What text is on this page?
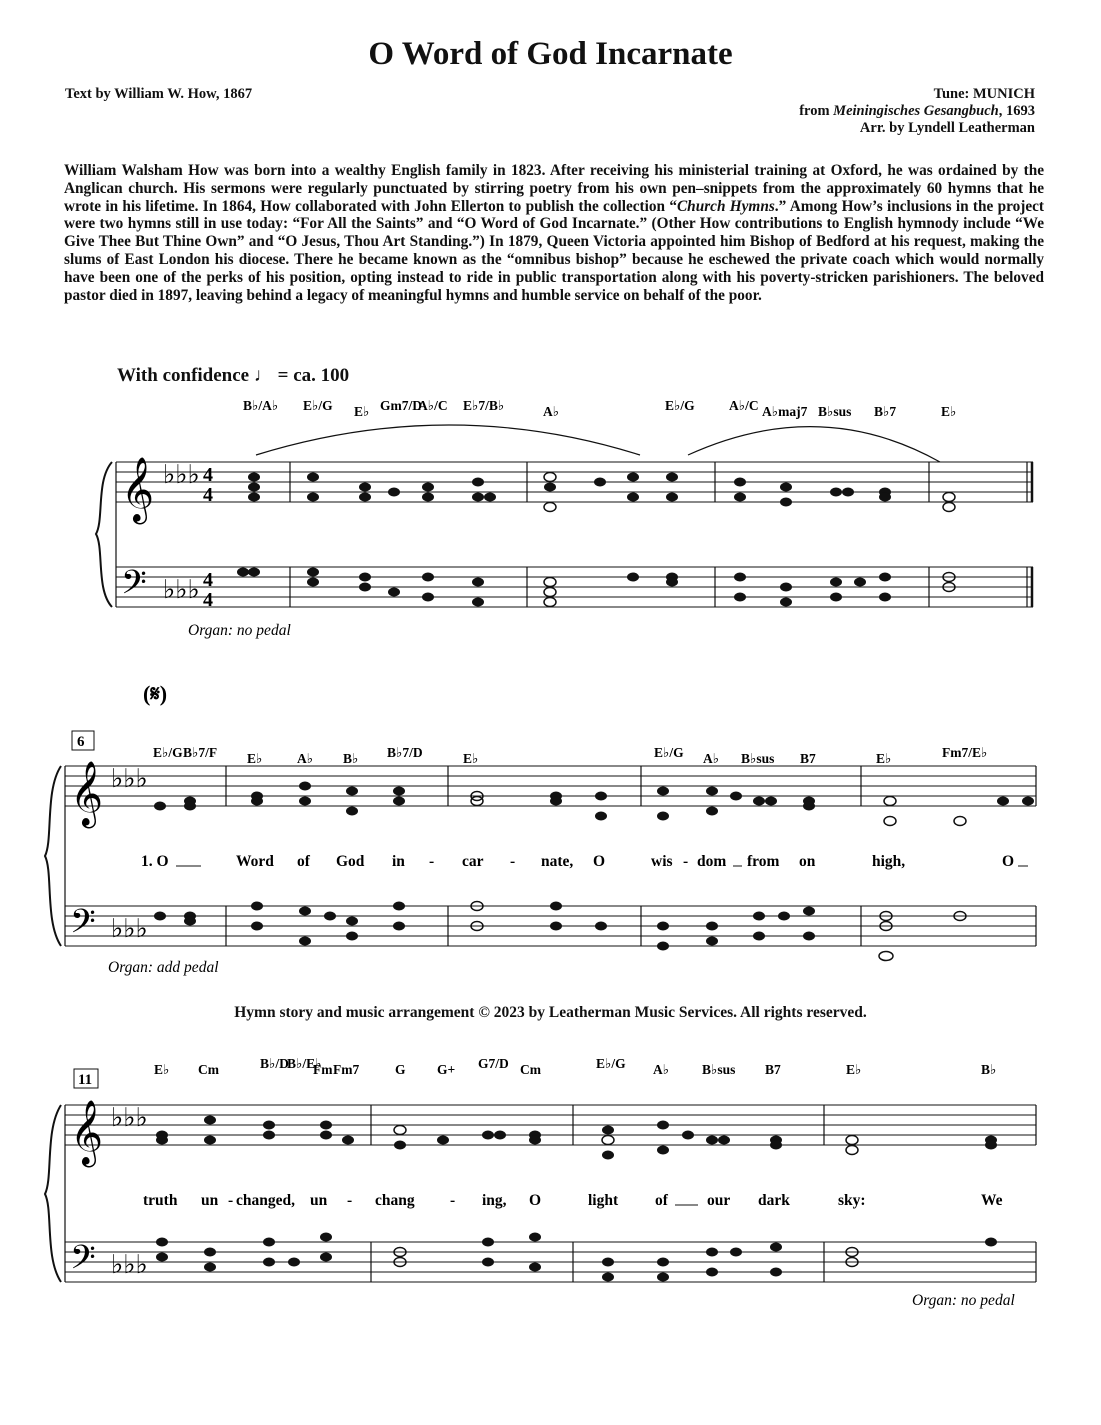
O Word of God Incarnate
Text by William W. How, 1867	Tune: MUNICH
from Meiningisches Gesangbuch, 1693
Arr. by Lyndell Leatherman
William Walsham How was born into a wealthy English family in 1823. After receiving his ministerial training at Oxford, he was ordained by the Anglican church. His sermons were regularly punctuated by stirring poetry from his own pen–snippets from the approximately 60 hymns that he wrote in his lifetime. In 1864, How collaborated with John Ellerton to publish the collection “Church Hymns.” Among How’s inclusions in the project were two hymns still in use today: “For All the Saints” and “O Word of God Incarnate.” (Other How contributions to English hymnody include “We Give Thee But Thine Own” and “O Jesus, Thou Art Standing.”) In 1879, Queen Victoria appointed him Bishop of Bedford at his request, making the slums of East London his diocese. There he became known as the “omnibus bishop” because he eschewed the private coach which would normally have been one of the perks of his position, opting instead to ride in public transportation along with his poverty-stricken parishioners. The beloved pastor died in 1897, leaving behind a legacy of meaningful hymns and humble service on behalf of the poor.
With confidence ♩ = ca. 100
B♭/A♭ E♭/G E♭ Gm7/D
A♭/C E♭7/B♭	A♭	E♭/G	A♭/C A♭maj7 B♭sus B♭7	E♭
𝄞
𝄢
♭♭♭
♭♭♭
4
4
4
4
Organ: no pedal
(𝄋)
6
E♭/G B♭7/F E♭	A♭ B♭ B♭7/D	E♭	E♭/G A♭ B♭sus B7	E♭	Fm7/E♭
𝄞
𝄢
♭♭♭
♭♭♭
1. O	Word of God in - car - nate, O	wis - dom from on	high,	O
Organ: add pedal
11
E♭ Cm	B♭/D
B♭/E♭
Fm Fm7	G G+ G7/D Cm	E♭/G A♭ B♭sus B7	E♭	B♭
𝄞
𝄢
♭♭♭
♭♭♭
truth un - changed, un - chang - ing, O	light of	our dark	sky:	We
Organ: no pedal
Hymn story and music arrangement © 2023 by Leatherman Music Services. All rights reserved.
